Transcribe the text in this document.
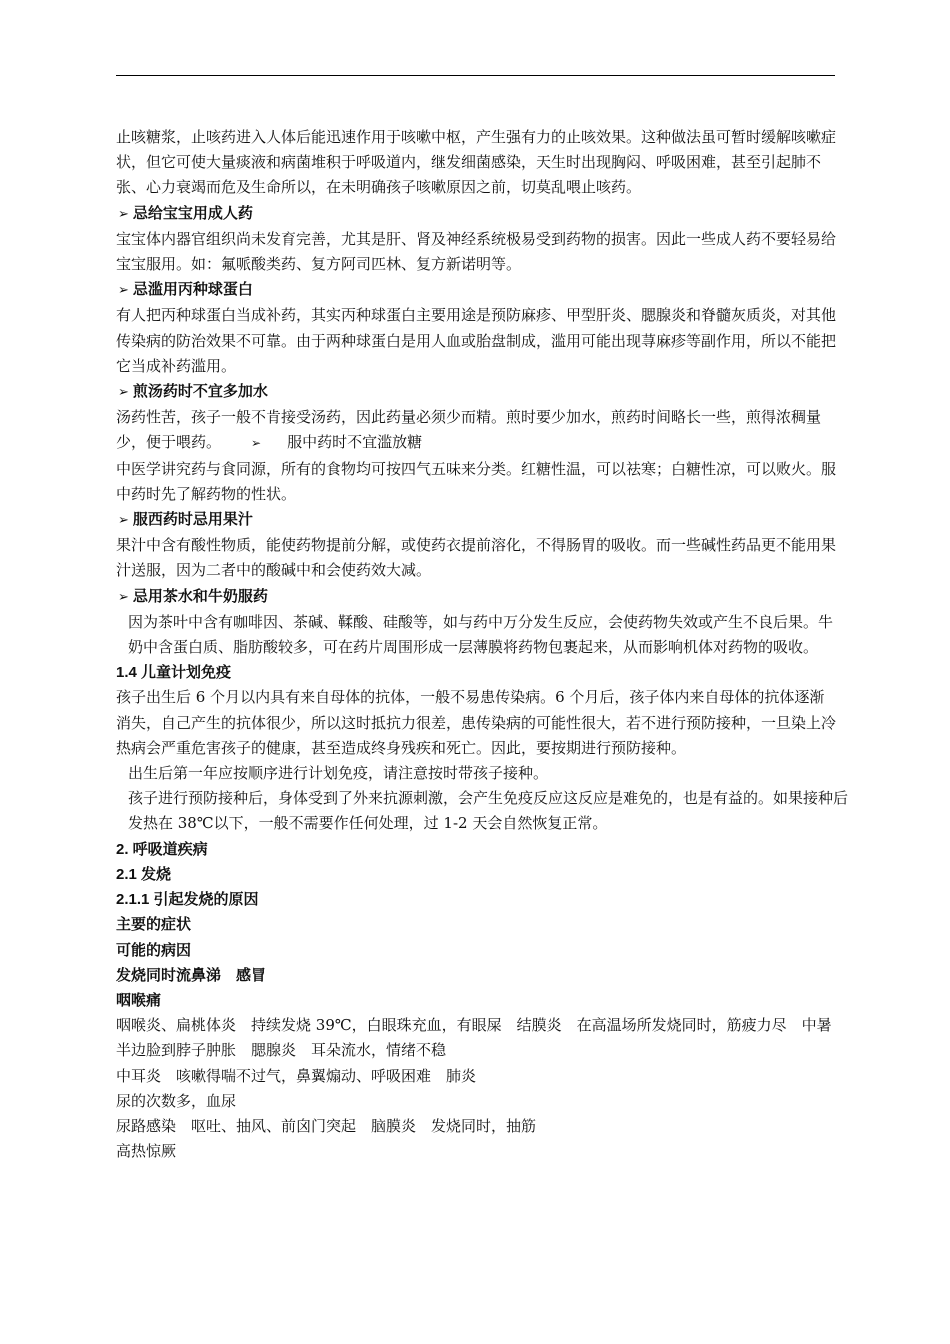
止咳糖浆，止咳药进入人体后能迅速作用于咳嗽中枢，产生强有力的止咳效果。这种做法虽可暂时缓解咳嗽症状，但它可使大量痰液和病菌堆积于呼吸道内，继发细菌感染，天生时出现胸闷、呼吸困难，甚至引起肺不张、心力衰竭而危及生命所以，在未明确孩子咳嗽原因之前，切莫乱喂止咳药。

➢ 忌给宝宝用成人药

宝宝体内器官组织尚未发育完善，尤其是肝、肾及神经系统极易受到药物的损害。因此一些成人药不要轻易给宝宝服用。如：氟哌酸类药、复方阿司匹林、复方新诺明等。

➢ 忌滥用丙种球蛋白

有人把丙种球蛋白当成补药，其实丙种球蛋白主要用途是预防麻疹、甲型肝炎、腮腺炎和脊髓灰质炎，对其他传染病的防治效果不可靠。由于两种球蛋白是用人血或胎盘制成，滥用可能出现荨麻疹等副作用，所以不能把它当成补药滥用。

➢ 煎汤药时不宜多加水

汤药性苦，孩子一般不肯接受汤药，因此药量必须少而精。煎时要少加水，煎药时间略长一些，煎得浓稠量少，便于喂药。	➢ 服中药时不宜滥放糖

中医学讲究药与食同源，所有的食物均可按四气五味来分类。红糖性温，可以祛寒；白糖性凉，可以败火。服中药时先了解药物的性状。

➢ 服西药时忌用果汁

果汁中含有酸性物质，能使药物提前分解，或使药衣提前溶化，不得肠胃的吸收。而一些碱性药品更不能用果汁送服，因为二者中的酸碱中和会使药效大减。

➢ 忌用茶水和牛奶服药

因为茶叶中含有咖啡因、茶碱、鞣酸、硅酸等，如与药中万分发生反应，会使药物失效或产生不良后果。牛奶中含蛋白质、脂肪酸较多，可在药片周围形成一层薄膜将药物包裹起来，从而影响机体对药物的吸收。

1.4 儿童计划免疫

孩子出生后 6 个月以内具有来自母体的抗体，一般不易患传染病。6 个月后，孩子体内来自母体的抗体逐渐消失，自己产生的抗体很少，所以这时抵抗力很差，患传染病的可能性很大，若不进行预防接种，一旦染上冷热病会严重危害孩子的健康，甚至造成终身残疾和死亡。因此，要按期进行预防接种。

出生后第一年应按顺序进行计划免疫，请注意按时带孩子接种。

孩子进行预防接种后，身体受到了外来抗源刺激，会产生免疫反应这反应是难免的，也是有益的。如果接种后发热在 38℃以下，一般不需要作任何处理，过 1-2 天会自然恢复正常。

2. 呼吸道疾病

2.1 发烧

2.1.1 引起发烧的原因

主要的症状

可能的病因

发烧同时流鼻涕　感冒

咽喉痛

咽喉炎、扁桃体炎　持续发烧 39℃，白眼珠充血，有眼屎　结膜炎　在高温场所发烧同时，筋疲力尽　中暑　半边脸到脖子肿胀　腮腺炎　耳朵流水，情绪不稳

中耳炎　咳嗽得喘不过气，鼻翼煽动、呼吸困难　肺炎

尿的次数多，血尿

尿路感染　呕吐、抽风、前囟门突起　脑膜炎　发烧同时，抽筋

高热惊厥
